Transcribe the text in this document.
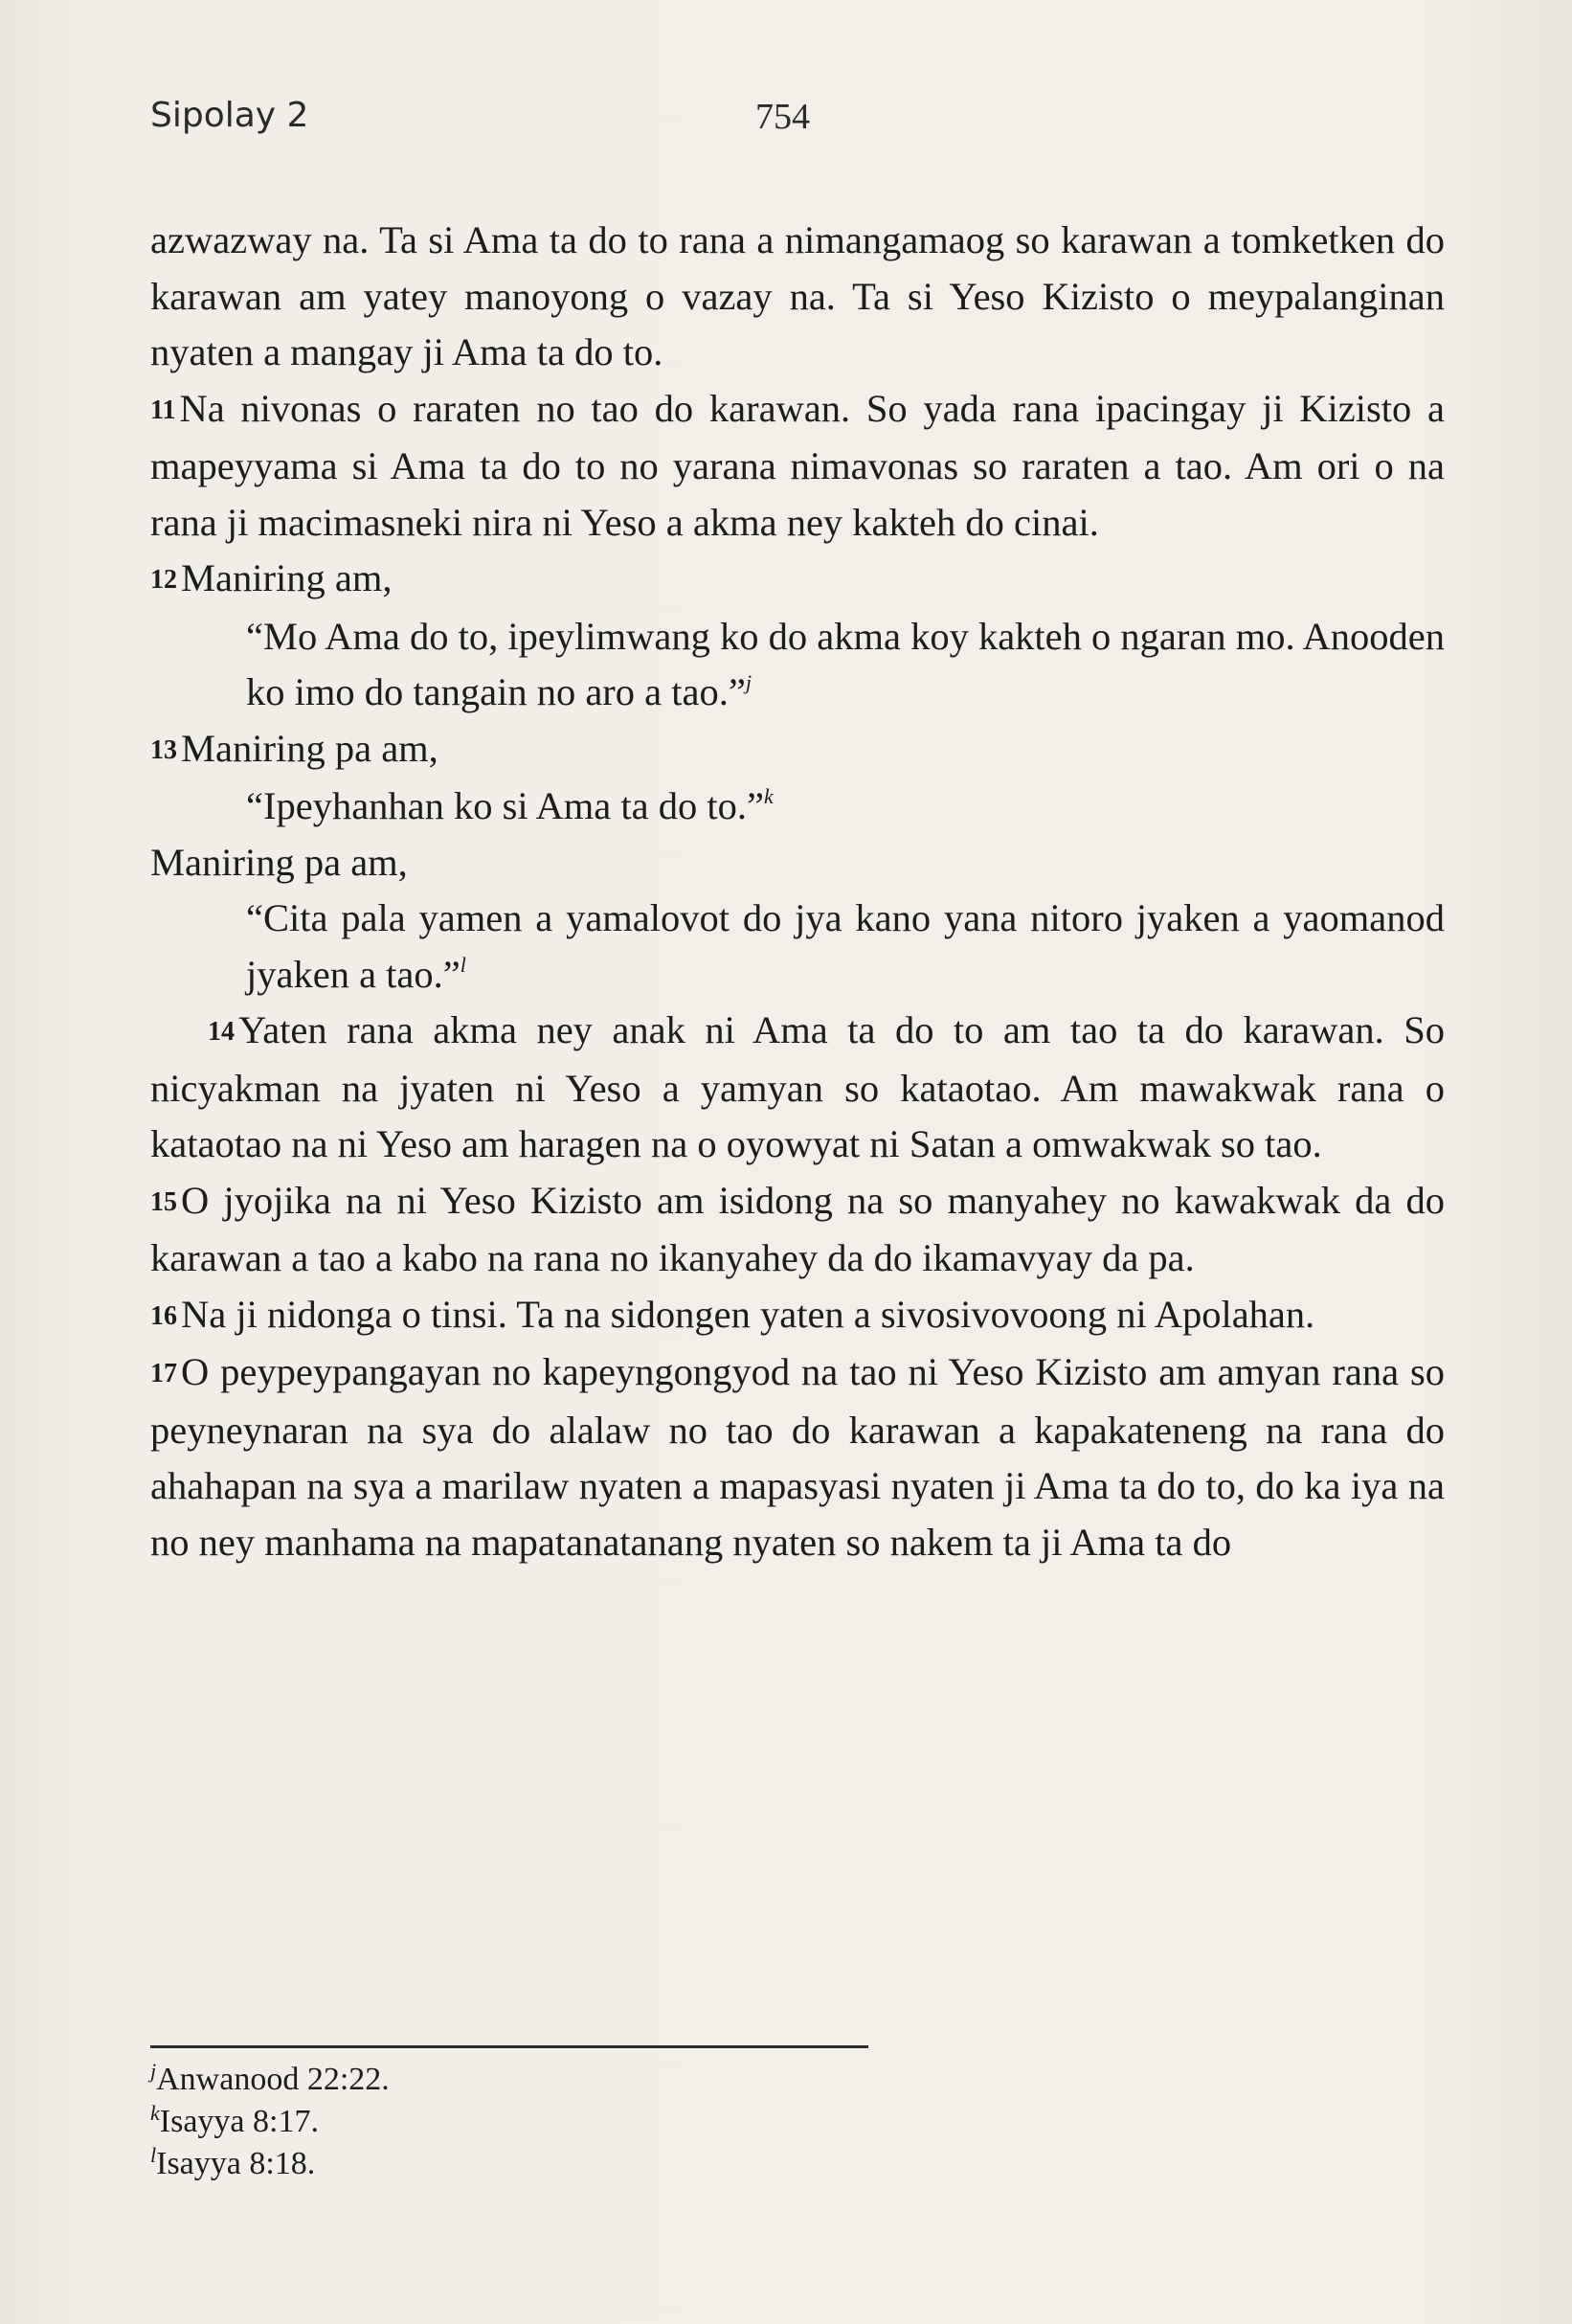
Sipolay 2	754

azwazway na. Ta si Ama ta do to rana a nimangamaog so karawan a tomketken do karawan am yatey manoyong o vazay na. Ta si Yeso Kizisto o meypalanginan nyaten a mangay ji Ama ta do to.

11Na nivonas o raraten no tao do karawan. So yada rana ipacingay ji Kizisto a mapeyyama si Ama ta do to no yarana nimavonas so raraten a tao. Am ori o na rana ji macimasneki nira ni Yeso a akma ney kakteh do cinai.

12Maniring am,

“Mo Ama do to, ipeylimwang ko do akma koy kakteh o ngaran mo. Anooden ko imo do tangain no aro a tao.”$^j$

13Maniring pa am,

“Ipeyhanhan ko si Ama ta do to.”$^k$

Maniring pa am,

“Cita pala yamen a yamalovot do jya kano yana nitoro jyaken a yaomanod jyaken a tao.”$^l$

14Yaten rana akma ney anak ni Ama ta do to am tao ta do karawan. So nicyakman na jyaten ni Yeso a yamyan so kataotao. Am mawakwak rana o kataotao na ni Yeso am haragen na o oyowyat ni Satan a omwakwak so tao.

15O jyojika na ni Yeso Kizisto am isidong na so manyahey no kawakwak da do karawan a tao a kabo na rana no ikanyahey da do ikamavyay da pa.

16Na ji nidonga o tinsi. Ta na sidongen yaten a sivosivovoong ni Apolahan.

17O peypeypangayan no kapeyngongyod na tao ni Yeso Kizisto am amyan rana so peyneynaran na sya do alalaw no tao do karawan a kapakateneng na rana do ahahapan na sya a marilaw nyaten a mapasyasi nyaten ji Ama ta do to, do ka iya na no ney manhama na mapatanatanang nyaten so nakem ta ji Ama ta do

$^j$Anwanood 22:22.

$^k$Isayya 8:17.

$^l$Isayya 8:18.
